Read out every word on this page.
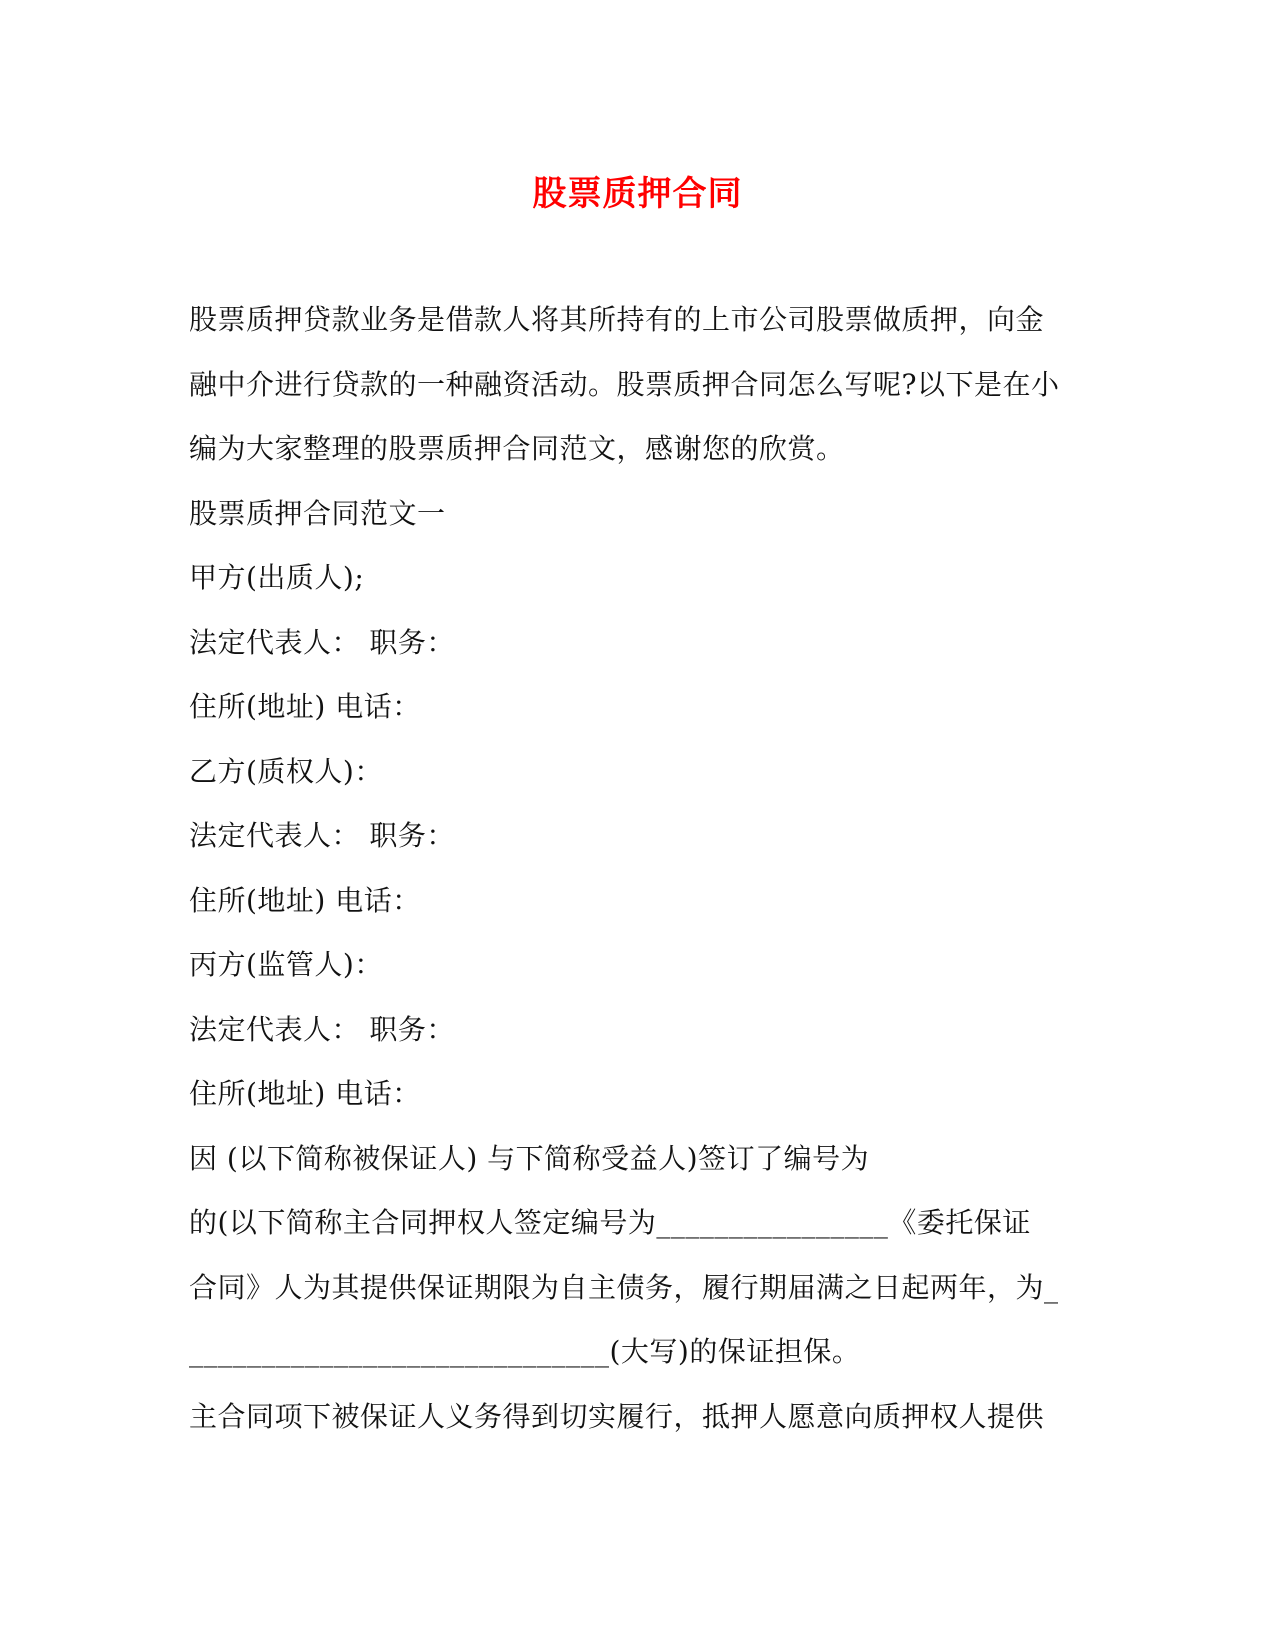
股票质押合同
股票质押贷款业务是借款人将其所持有的上市公司股票做质押，向金
融中介进行贷款的一种融资活动。股票质押合同怎么写呢?以下是在小
编为大家整理的股票质押合同范文，感谢您的欣赏。
股票质押合同范文一
甲方(出质人);
法定代表人： 职务：
住所(地址) 电话：
乙方(质权人)：
法定代表人： 职务：
住所(地址) 电话：
丙方(监管人)：
法定代表人： 职务：
住所(地址) 电话：
因 (以下简称被保证人) 与下简称受益人)签订了编号为
的(以下简称主合同押权人签定编号为________________《委托保证
合同》人为其提供保证期限为自主债务，履行期届满之日起两年，为_
_____________________________(大写)的保证担保。
主合同项下被保证人义务得到切实履行，抵押人愿意向质押权人提供
